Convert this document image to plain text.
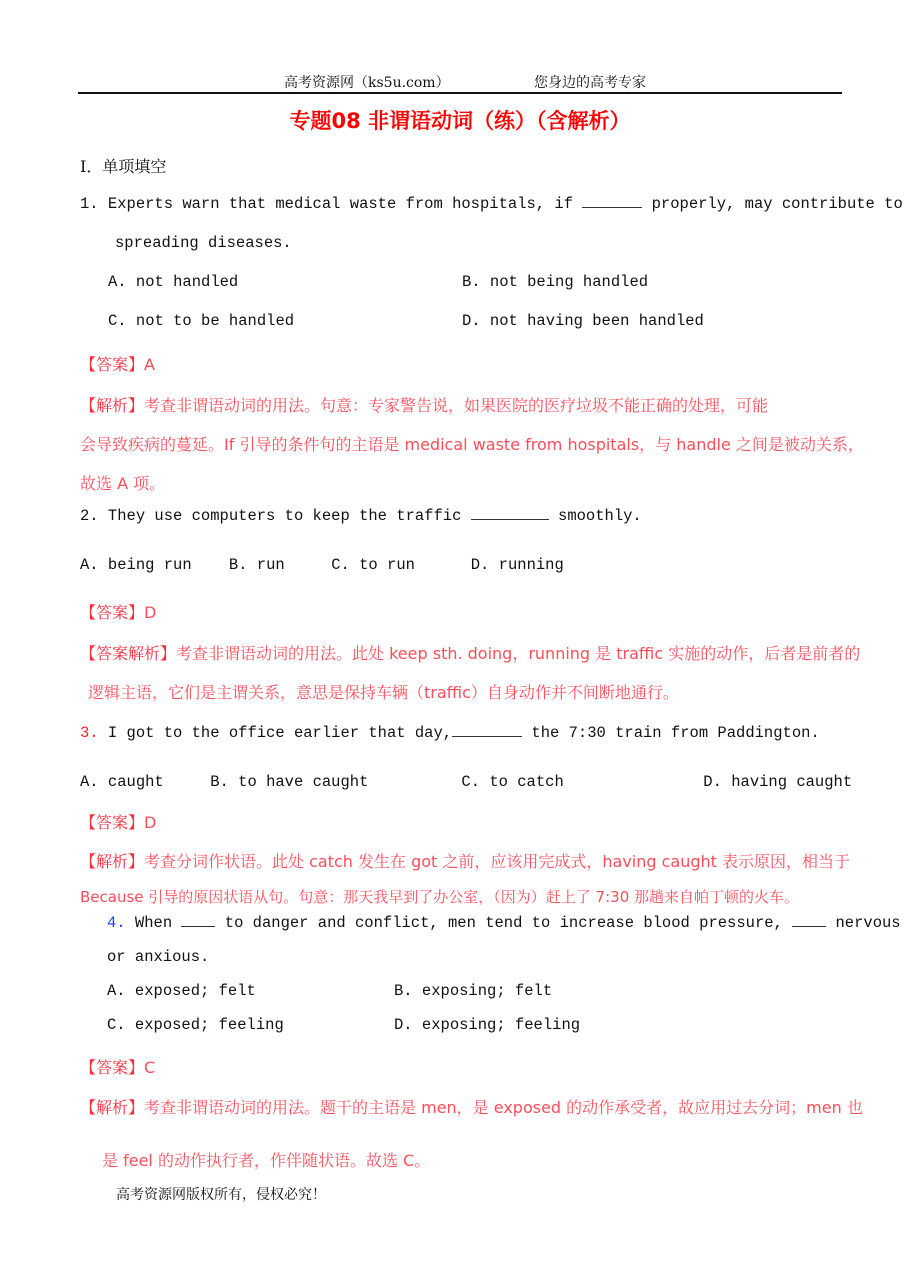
高考资源网（ks5u.com）	您身边的高考专家
专题08 非谓语动词（练）（含解析）
I．单项填空
1. Experts warn that medical waste from hospitals, if	properly, may contribute to
spreading diseases.
A. not handled	B. not being handled
C. not to be handled	D. not having been handled
【答案】A
【解析】考查非谓语动词的用法。句意：专家警告说，如果医院的医疗垃圾不能正确的处理，可能
会导致疾病的蔓延。If 引导的条件句的主语是 medical waste from hospitals，与 handle 之间是被动关系，
故选 A 项。
2. They use computers to keep the traffic	smoothly.
A. being run B. run	C. to run	D. running
【答案】D
【答案解析】考查非谓语动词的用法。此处 keep sth. doing，running 是 traffic 实施的动作，后者是前者的
逻辑主语，它们是主谓关系，意思是保持车辆（traffic）自身动作并不间断地通行。
3. I got to the office earlier that day,	the 7:30 train from Paddington.
A. caught	B. to have caught	C. to catch	D. having caught
【答案】D
【解析】考查分词作状语。此处 catch 发生在 got 之前，应该用完成式，having caught 表示原因，相当于
Because 引导的原因状语从句。句意：那天我早到了办公室，（因为）赶上了 7:30 那趟来自帕丁顿的火车。
4. When	to danger and conflict, men tend to increase blood pressure,	nervous
or anxious.
A. exposed; felt	B. exposing; felt
C. exposed; feeling	D. exposing; feeling
【答案】C
【解析】考查非谓语动词的用法。题干的主语是 men，是 exposed 的动作承受者，故应用过去分词；men 也
是 feel 的动作执行者，作伴随状语。故选 C。
高考资源网版权所有，侵权必究！
